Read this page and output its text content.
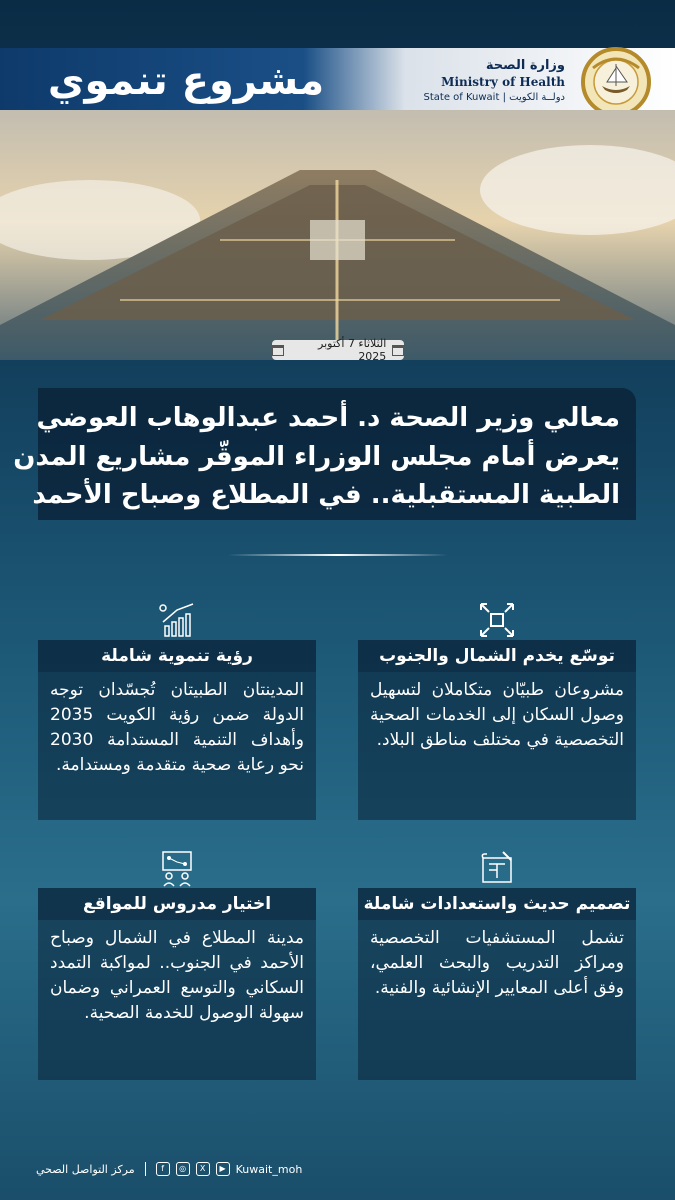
مشروع تنموي	وزارة الصحة
Ministry of Health
State of Kuwait | دولــة الكويت
الثلاثاء 7 أكتوبر 2025
معالي وزير الصحة د. أحمد عبدالوهاب العوضي
يعرض أمام مجلس الوزراء الموقّر مشاريع المدن
الطبية المستقبلية.. في المطلاع وصباح الأحمد
توسّع يخدم الشمال والجنوب
مشروعان طبيّان متكاملان لتسهيل وصول السكان إلى الخدمات الصحية التخصصية في مختلف مناطق البلاد.
رؤية تنموية شاملة
المدينتان الطبيتان تُجسّدان توجه الدولة ضمن رؤية الكويت 2035 وأهداف التنمية المستدامة 2030 نحو رعاية صحية متقدمة ومستدامة.
تصميم حديث واستعدادات شاملة
تشمل المستشفيات التخصصية ومراكز التدريب والبحث العلمي، وفق أعلى المعايير الإنشائية والفنية.
اختيار مدروس للمواقع
مدينة المطلاع في الشمال وصباح الأحمد في الجنوب.. لمواكبة التمدد السكاني والتوسع العمراني وضمان سهولة الوصول للخدمة الصحية.
مركز التواصل الصحي	f	◎	X	▶ Kuwait_moh
